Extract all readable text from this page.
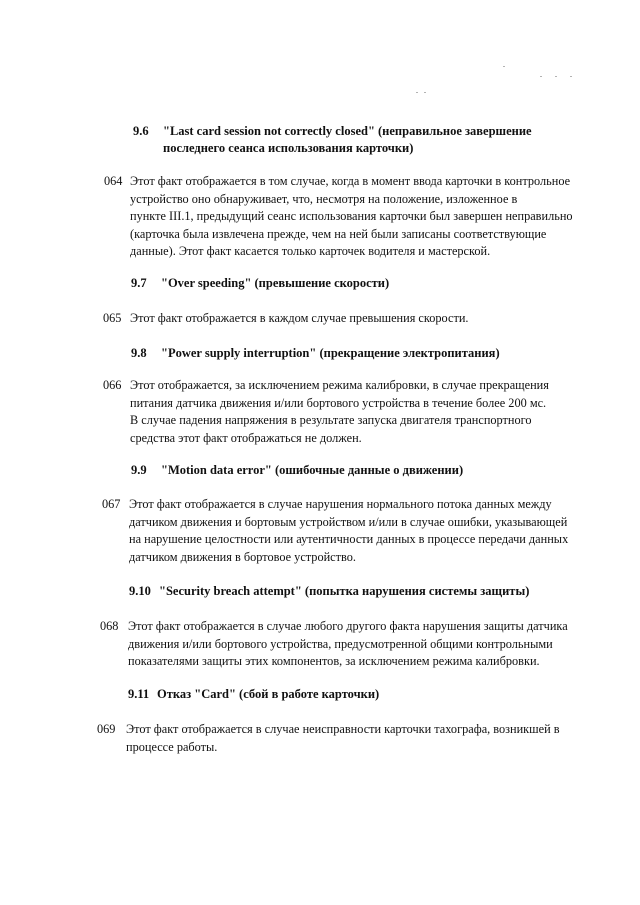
9.6 "Last card session not correctly closed" (неправильное завершение
последнего сеанса использования карточки)
064 Этот факт отображается в том случае, когда в момент ввода карточки в контрольное
устройство оно обнаруживает, что, несмотря на положение, изложенное в
пункте III.1, предыдущий сеанс использования карточки был завершен неправильно
(карточка была извлечена прежде, чем на ней были записаны соответствующие
данные). Этот факт касается только карточек водителя и мастерской.
9.7 "Over speeding" (превышение скорости)
065 Этот факт отображается в каждом случае превышения скорости.
9.8 "Power supply interruption" (прекращение электропитания)
066 Этот отображается, за исключением режима калибровки, в случае прекращения
питания датчика движения и/или бортового устройства в течение более 200 мс.
В случае падения напряжения в результате запуска двигателя транспортного
средства этот факт отображаться не должен.
9.9 "Motion data error" (ошибочные данные о движении)
067 Этот факт отображается в случае нарушения нормального потока данных между
датчиком движения и бортовым устройством и/или в случае ошибки, указывающей
на нарушение целостности или аутентичности данных в процессе передачи данных
датчиком движения в бортовое устройство.
9.10 "Security breach attempt" (попытка нарушения системы защиты)
068 Этот факт отображается в случае любого другого факта нарушения защиты датчика
движения и/или бортового устройства, предусмотренной общими контрольными
показателями защиты этих компонентов, за исключением режима калибровки.
9.11 Отказ "Card" (сбой в работе карточки)
069 Этот факт отображается в случае неисправности карточки тахографа, возникшей в
процессе работы.
